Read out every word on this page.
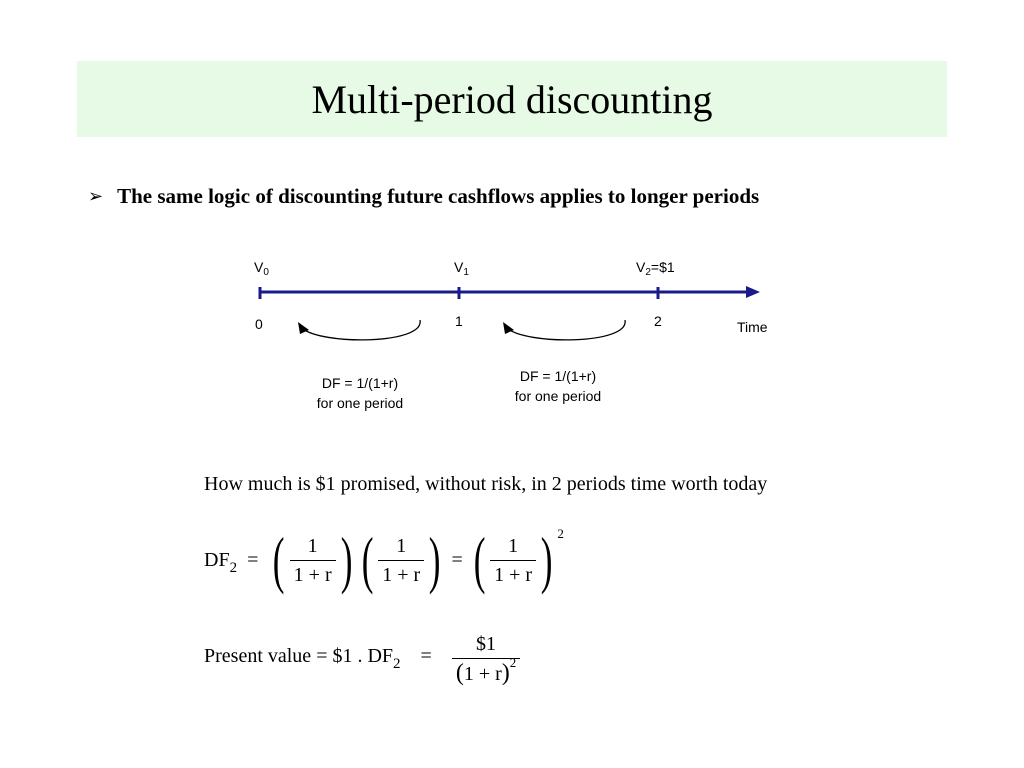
Multi-period discounting
➢ The same logic of discounting future cashflows applies to longer periods
$V_0$	$V_1$	$V_2=\$1$
0	1	2	Time
DF = 1/(1+r)
for one period
DF = 1/(1+r)
for one period
How much is $1 promised, without risk, in 2 periods time worth today
DF 2 = ( $\frac{1}{1 + r}$ ) ( $\frac{1}{1 + r}$ ) = ( $\frac{1}{1 + r}$ ) 2
Present value = $1 . DF $2 = \frac{\$1}{(1 + r)^2}$
